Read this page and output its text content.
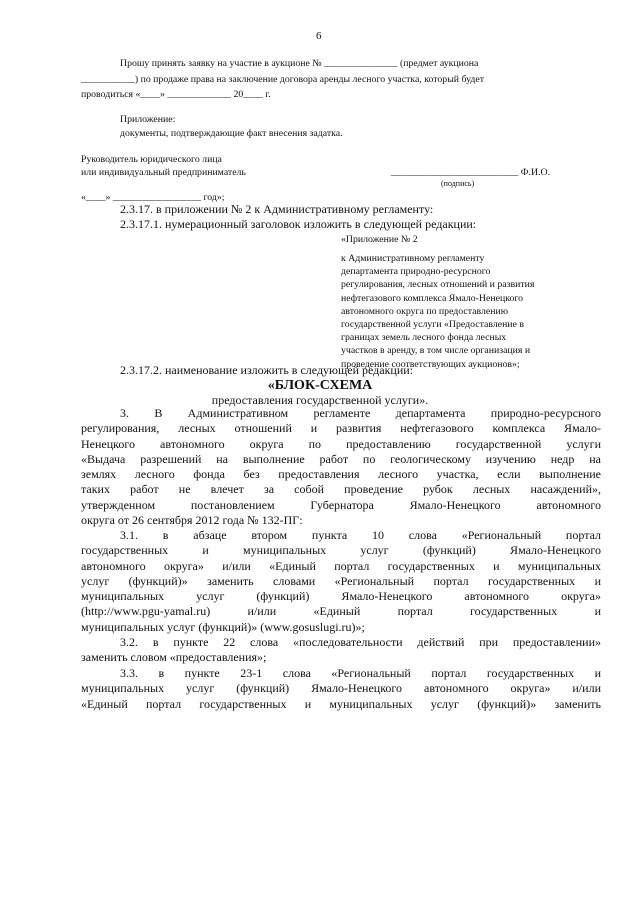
6
Прошу принять заявку на участие в аукционе № _______________ (предмет аукциона
___________) по продаже права на заключение договора аренды лесного участка, который будет
проводиться «____» _____________ 20____ г.
Приложение:
документы, подтверждающие факт внесения задатка.
Руководитель юридического лица
или индивидуальный предприниматель	__________________________ Ф.И.О.
(подпись)
«____» __________________ год»;
2.3.17. в приложении № 2 к Административному регламенту:
2.3.17.1. нумерационный заголовок изложить в следующей редакции:
«Приложение № 2
к Административному регламенту
департамента природно-ресурсного
регулирования, лесных отношений и развития
нефтегазового комплекса Ямало-Ненецкого
автономного округа по предоставлению
государственной услуги «Предоставление в
границах земель лесного фонда лесных
участков в аренду, в том числе организация и
проведение соответствующих аукционов»;
2.3.17.2. наименование изложить в следующей редакции:
«БЛОК-СХЕМА
предоставления государственной услуги».
3. В Административном регламенте департамента природно-ресурсного
регулирования, лесных отношений и развития нефтегазового комплекса Ямало-
Ненецкого автономного округа по предоставлению государственной услуги
«Выдача разрешений на выполнение работ по геологическому изучению недр на
землях лесного фонда без предоставления лесного участка, если выполнение
таких работ не влечет за собой проведение рубок лесных насаждений»,
утвержденном постановлением Губернатора Ямало-Ненецкого автономного
округа от 26 сентября 2012 года № 132-ПГ:
3.1. в абзаце втором пункта 10 слова «Региональный портал
государственных и муниципальных услуг (функций) Ямало-Ненецкого
автономного округа» и/или «Единый портал государственных и муниципальных
услуг (функций)» заменить словами «Региональный портал государственных и
муниципальных услуг (функций) Ямало-Ненецкого автономного округа»
(http://www.pgu-yamal.ru) и/или «Единый портал государственных и
муниципальных услуг (функций)» (www.gosuslugi.ru)»;
3.2. в пункте 22 слова «последовательности действий при предоставлении»
заменить словом «предоставления»;
3.3. в пункте 23-1 слова «Региональный портал государственных и
муниципальных услуг (функций) Ямало-Ненецкого автономного округа» и/или
«Единый портал государственных и муниципальных услуг (функций)» заменить
